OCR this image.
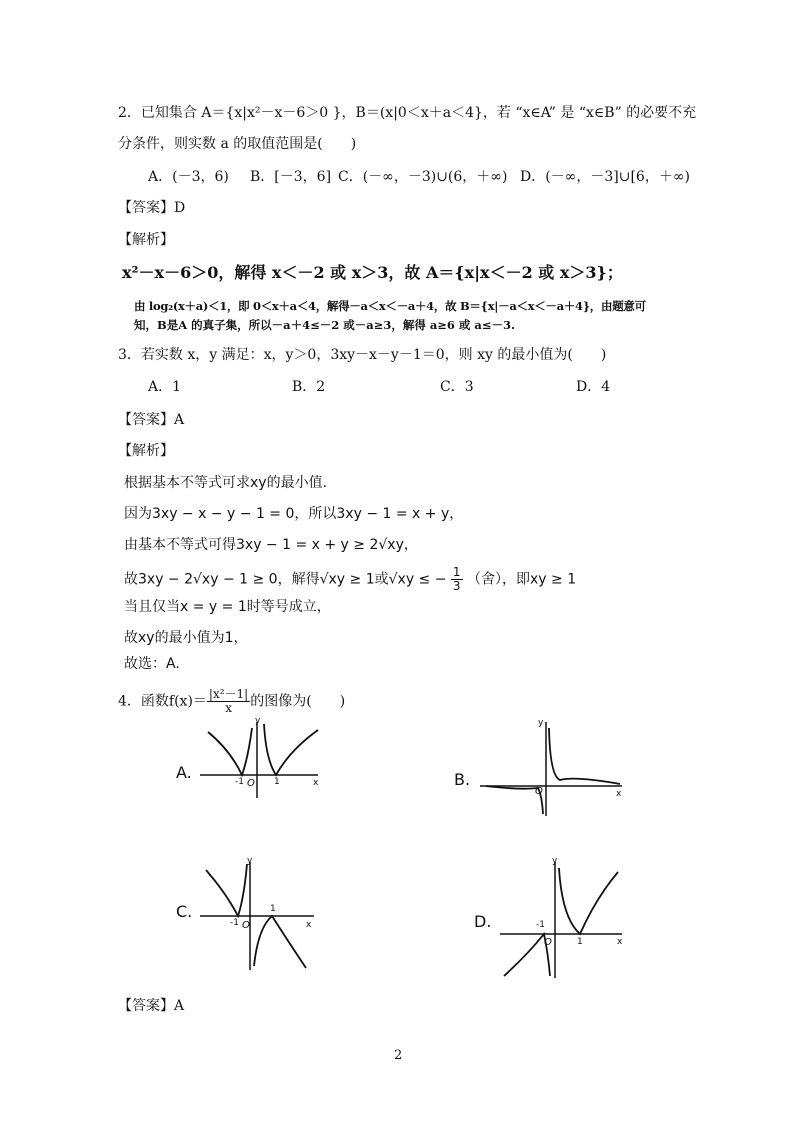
2．已知集合 A＝{x|x²－x－6＞0 }，B＝(x|0＜x＋a＜4}，若 “x∈A” 是 “x∈B” 的必要不充
分条件，则实数 a 的取值范围是(　　)
A．(－3，6) B．[－3，6] C．(－∞，－3)∪(6，＋∞) D．(－∞，－3]∪[6，＋∞)
【答案】D
【解析】
x²－x－6＞0，解得 x＜－2 或 x＞3，故 A＝{x|x＜－2 或 x＞3}；
由 log₂(x＋a)＜1，即 0＜x＋a＜4，解得－a＜x＜－a＋4，故 B＝{x|－a＜x＜－a＋4}，由题意可
知，B是A 的真子集，所以－a＋4≤－2 或－a≥3，解得 a≥6 或 a≤－3.
3．若实数 x，y 满足：x，y＞0，3xy－x－y－1＝0，则 xy 的最小值为(　　)
A．1	B．2	C．3	D．4
【答案】A
【解析】
根据基本不等式可求xy的最小值.
因为3xy − x − y − 1 = 0，所以3xy − 1 = x + y，
由基本不等式可得3xy − 1 = x + y ≥ 2√xy，
故3xy − 2√xy − 1 ≥ 0，解得√xy ≥ 1或√xy ≤ − $\frac{1}{3}$ （舍），即xy ≥ 1
当且仅当x = y = 1时等号成立，
故xy的最小值为1，
故选：A.
4．函数$f(x)= \frac{\text{|x²－1|}}{x}$ 的图像为(　　)
A.
y
x
-1 O 1	B.
y
x
O
C.
y
x
-1 O
1
D.
y
x
-1
O	1
【答案】A
2
